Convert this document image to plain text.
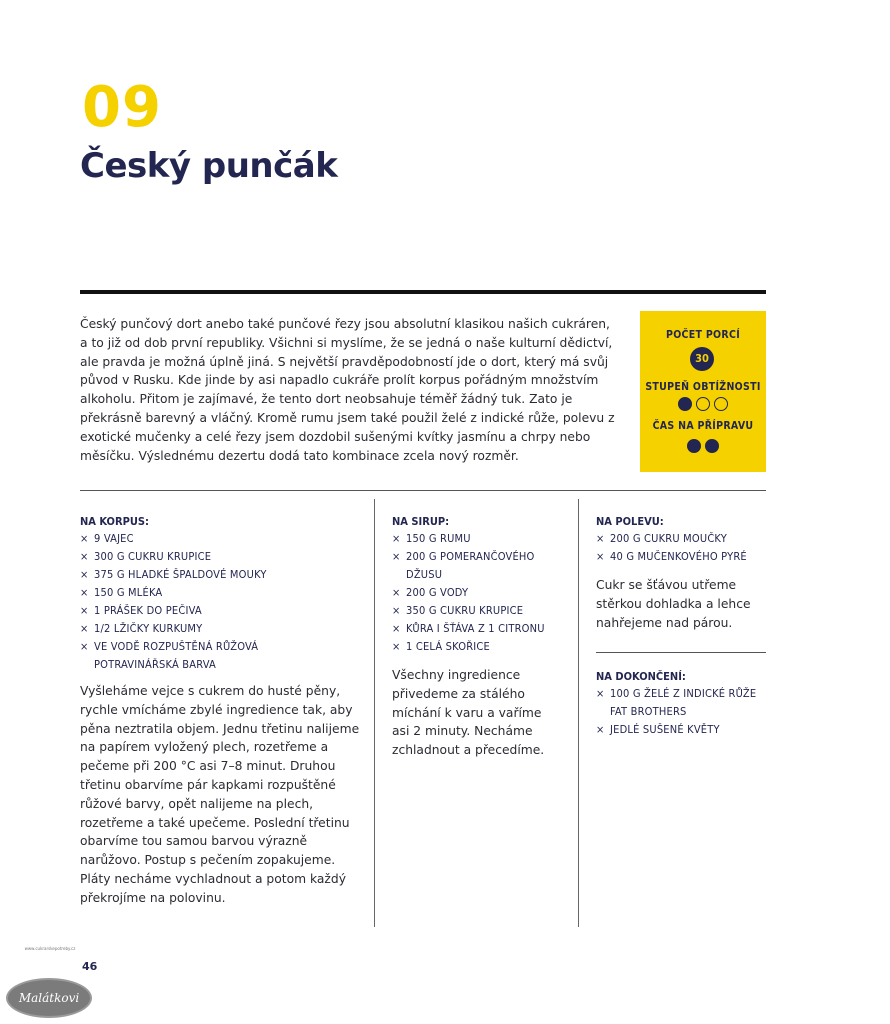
09
Český punčák

Český punčový dort anebo také punčové řezy jsou absolutní klasikou našich cukráren, a to již od dob první republiky. Všichni si myslíme, že se jedná o naše kulturní dědictví, ale pravda je možná úplně jiná. S největší pravděpodobností jde o dort, který má svůj původ v Rusku. Kde jinde by asi napadlo cukráře prolít korpus pořádným množstvím alkoholu. Přitom je zajímavé, že tento dort neobsahuje téměř žádný tuk. Zato je překrásně barevný a vláčný. Kromě rumu jsem také použil želé z indické růže, polevu z exotické mučenky a celé řezy jsem dozdobil sušenými kvítky jasmínu a chrpy nebo měsíčku. Výslednému dezertu dodá tato kombinace zcela nový rozměr.

POČET PORCÍ
30
STUPEŇ OBTÍŽNOSTI
ČAS NA PŘÍPRAVU
NA KORPUS:
× 9 VAJEC
× 300 G CUKRU KRUPICE
× 375 G HLADKÉ ŠPALDOVÉ MOUKY
× 150 G MLÉKA
× 1 PRÁŠEK DO PEČIVA
× 1/2 LŽIČKY KURKUMY
× VE VODĚ ROZPUŠTĚNÁ RŮŽOVÁ POTRAVINÁŘSKÁ BARVA

Vyšleháme vejce s cukrem do husté pěny, rychle vmícháme zbylé ingredience tak, aby pěna neztratila objem. Jednu třetinu nalijeme na papírem vyložený plech, rozetřeme a pečeme při 200 °C asi 7–8 minut. Druhou třetinu obarvíme pár kapkami rozpuštěné růžové barvy, opět nalijeme na plech, rozetřeme a také upečeme. Poslední třetinu obarvíme tou samou barvou výrazně narůžovo. Postup s pečením zopakujeme. Pláty necháme vychladnout a potom každý překrojíme na polovinu.

NA SIRUP:
× 150 G RUMU
× 200 G POMERANČOVÉHO DŽUSU
× 200 G VODY
× 350 G CUKRU KRUPICE
× KŮRA I ŠŤÁVA Z 1 CITRONU
× 1 CELÁ SKOŘICE

Všechny ingredience přivedeme za stálého míchání k varu a vaříme asi 2 minuty. Necháme zchladnout a přecedíme.

NA POLEVU:
× 200 G CUKRU MOUČKY
× 40 G MUČENKOVÉHO PYRÉ

Cukr se šťávou utřeme stěrkou dohladka a lehce nahřejeme nad párou.

NA DOKONČENÍ:
× 100 G ŽELÉ Z INDICKÉ RŮŽE FAT BROTHERS
× JEDLÉ SUŠENÉ KVĚTY
46
www.cukrarskepotreby.cz
Malátkovi
